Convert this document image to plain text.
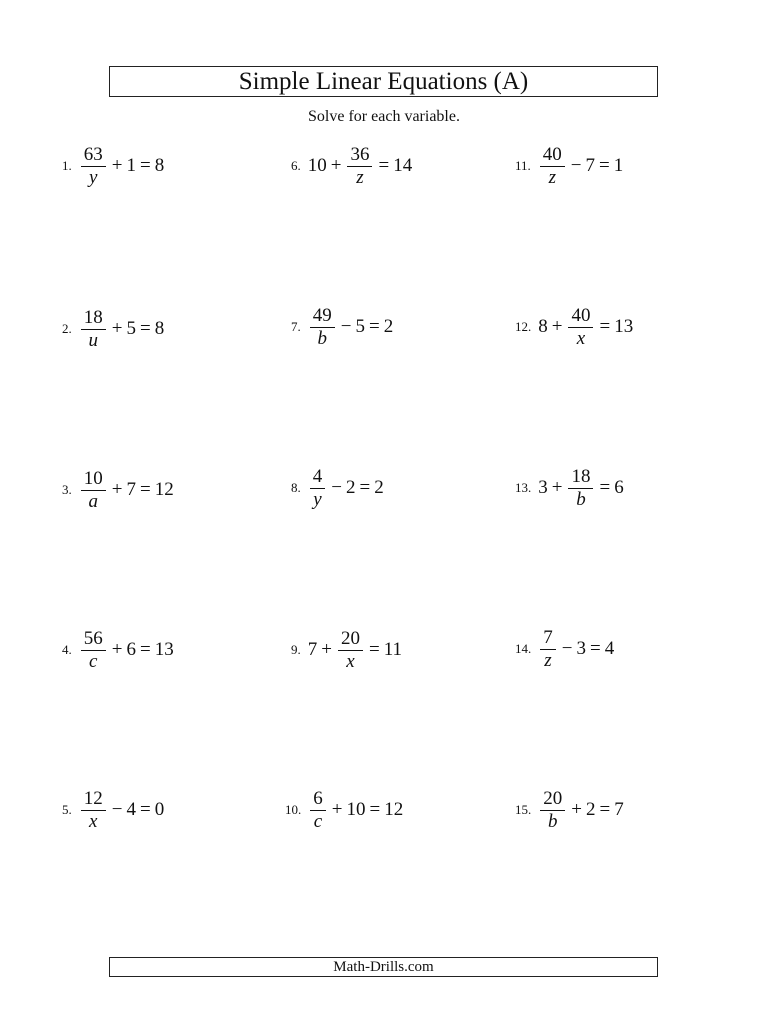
Simple Linear Equations (A)
Solve for each variable.
1. $\frac{63}{y} + 1 = 8$
2. $\frac{18}{u} + 5 = 8$
3. $\frac{10}{a} + 7 = 12$
4. $\frac{56}{c} + 6 = 13$
5. $\frac{12}{x} - 4 = 0$
6. $10 + \frac{36}{z} = 14$
7. $\frac{49}{b} - 5 = 2$
8. $\frac{4}{y} - 2 = 2$
9. $7 + \frac{20}{x} = 11$
10. $\frac{6}{c} + 10 = 12$
11. $\frac{40}{z} - 7 = 1$
12. $8 + \frac{40}{x} = 13$
13. $3 + \frac{18}{b} = 6$
14. $\frac{7}{z} - 3 = 4$
15. $\frac{20}{b} + 2 = 7$
Math-Drills.com
